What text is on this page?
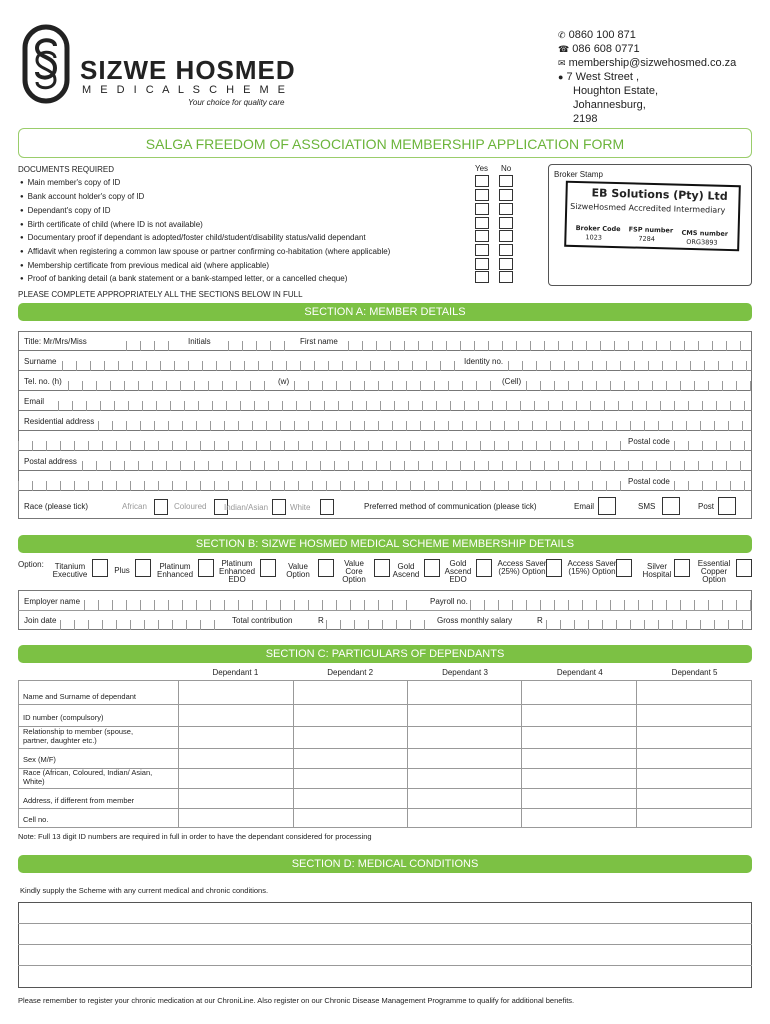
SIZWE HOSMED
M E D I C A L S C H E M E
Your choice for quality care
✆ 0860 100 871
☎ 086 608 0771
✉ membership@sizwehosmed.co.za
● 7 West Street ,
Houghton Estate,
Johannesburg,
2198
SALGA FREEDOM OF ASSOCIATION MEMBERSHIP APPLICATION FORM
DOCUMENTS REQUIRED	Yes No
● Main member's copy of ID
● Bank account holder's copy of ID
● Dependant's copy of ID
● Birth certificate of child (where ID is not available)
● Documentary proof if dependant is adopted/foster child/student/disability status/valid dependant
● Affidavit when registering a common law spouse or partner confirming co-habitation (where applicable)
● Membership certificate from previous medical aid (where applicable)
● Proof of banking detail (a bank statement or a bank-stamped letter, or a cancelled cheque)
Broker Stamp
EB Solutions (Pty) Ltd
SizweHosmed Accredited Intermediary
Broker Code
1023
FSP number
7284
CMS number
ORG3893
PLEASE COMPLETE APPROPRIATELY ALL THE SECTIONS BELOW IN FULL
SECTION A: MEMBER DETAILS
Title: Mr/Mrs/Miss	Initials	First name
Surname	Identity no.
Tel. no. (h)	(w)	(Cell)
Email
Residential address
Postal code
Postal address
Postal code
Race (please tick)	African	Coloured Indian/Asian	White	Preferred method of communication (please tick)	Email	SMS	Post
SECTION B: SIZWE HOSMED MEDICAL SCHEME MEMBERSHIP DETAILS
Option:	Titanium Executive	Plus	Platinum Enhanced
Platinum Enhanced EDO
Value Option
Value Core Option
Gold Ascend
Gold Ascend EDO
Access Saver (25%) Option
Access Saver (15%) Option
Silver Hospital
Essential Copper Option
Employer name	Payroll no.
Join date	Total contribution	R	Gross monthly salary	R
SECTION C: PARTICULARS OF DEPENDANTS
Dependant 1	Dependant 2	Dependant 3	Dependant 4	Dependant 5
Name and Surname of dependant
ID number (compulsory)
Relationship to member (spouse, partner, daughter etc.)
Sex (M/F)
Race (African, Coloured, Indian/ Asian, White)
Address, if different from member
Cell no.
Note: Full 13 digit ID numbers are required in full in order to have the dependant considered for processing
SECTION D: MEDICAL CONDITIONS
Kindly supply the Scheme with any current medical and chronic conditions.
Please remember to register your chronic medication at our ChroniLine. Also register on our Chronic Disease Management Programme to qualify for additional benefits.
